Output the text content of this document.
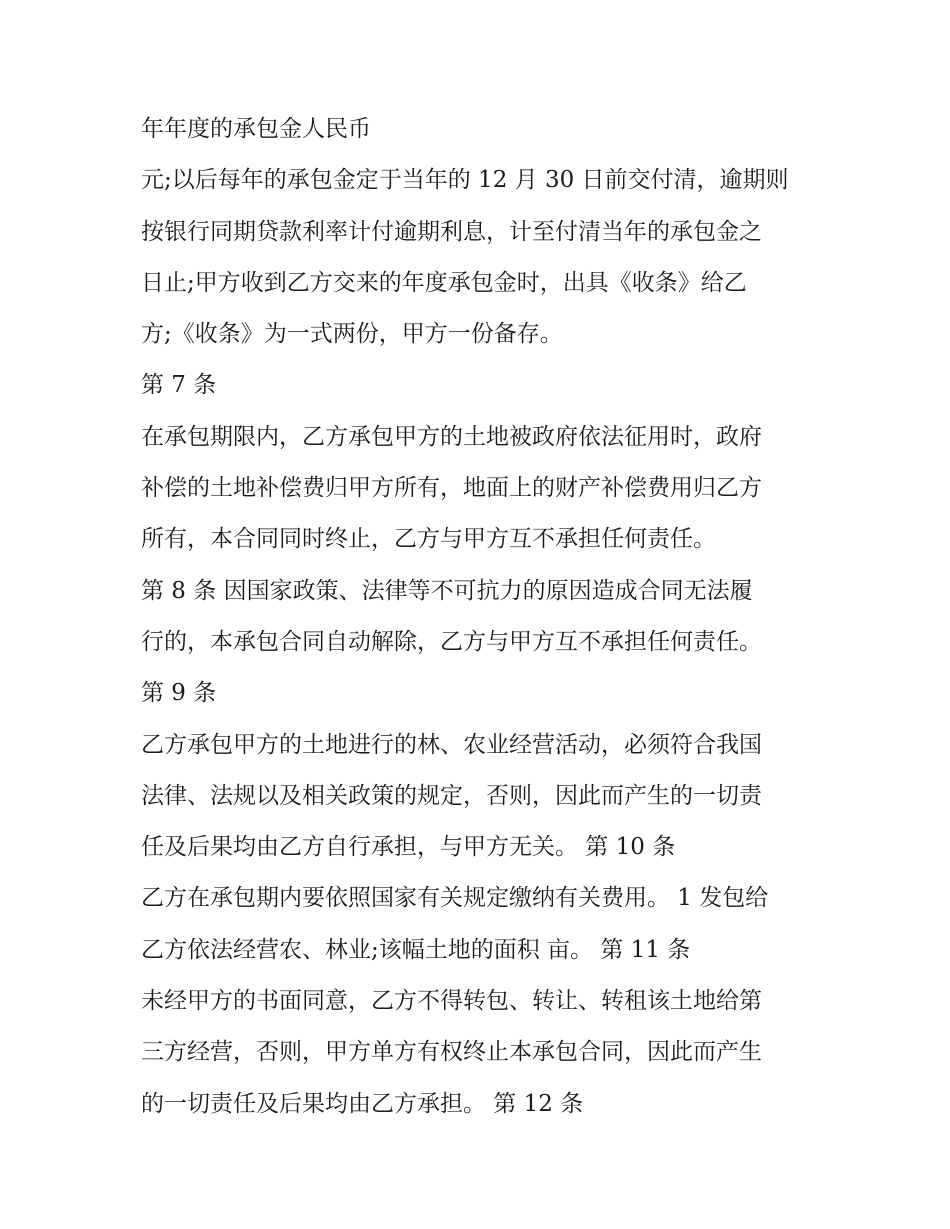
年年度的承包金人民币
元;以后每年的承包金定于当年的 12 月 30 日前交付清，逾期则
按银行同期贷款利率计付逾期利息，计至付清当年的承包金之
日止;甲方收到乙方交来的年度承包金时，出具《收条》给乙
方;《收条》为一式两份，甲方一份备存。
第 7 条
在承包期限内，乙方承包甲方的土地被政府依法征用时，政府
补偿的土地补偿费归甲方所有，地面上的财产补偿费用归乙方
所有，本合同同时终止，乙方与甲方互不承担任何责任。
第 8 条 因国家政策、法律等不可抗力的原因造成合同无法履
行的，本承包合同自动解除，乙方与甲方互不承担任何责任。
第 9 条
乙方承包甲方的土地进行的林、农业经营活动，必须符合我国
法律、法规以及相关政策的规定，否则，因此而产生的一切责
任及后果均由乙方自行承担，与甲方无关。 第 10 条
乙方在承包期内要依照国家有关规定缴纳有关费用。 1 发包给
乙方依法经营农、林业;该幅土地的面积 亩。 第 11 条
未经甲方的书面同意，乙方不得转包、转让、转租该土地给第
三方经营，否则，甲方单方有权终止本承包合同，因此而产生
的一切责任及后果均由乙方承担。 第 12 条
